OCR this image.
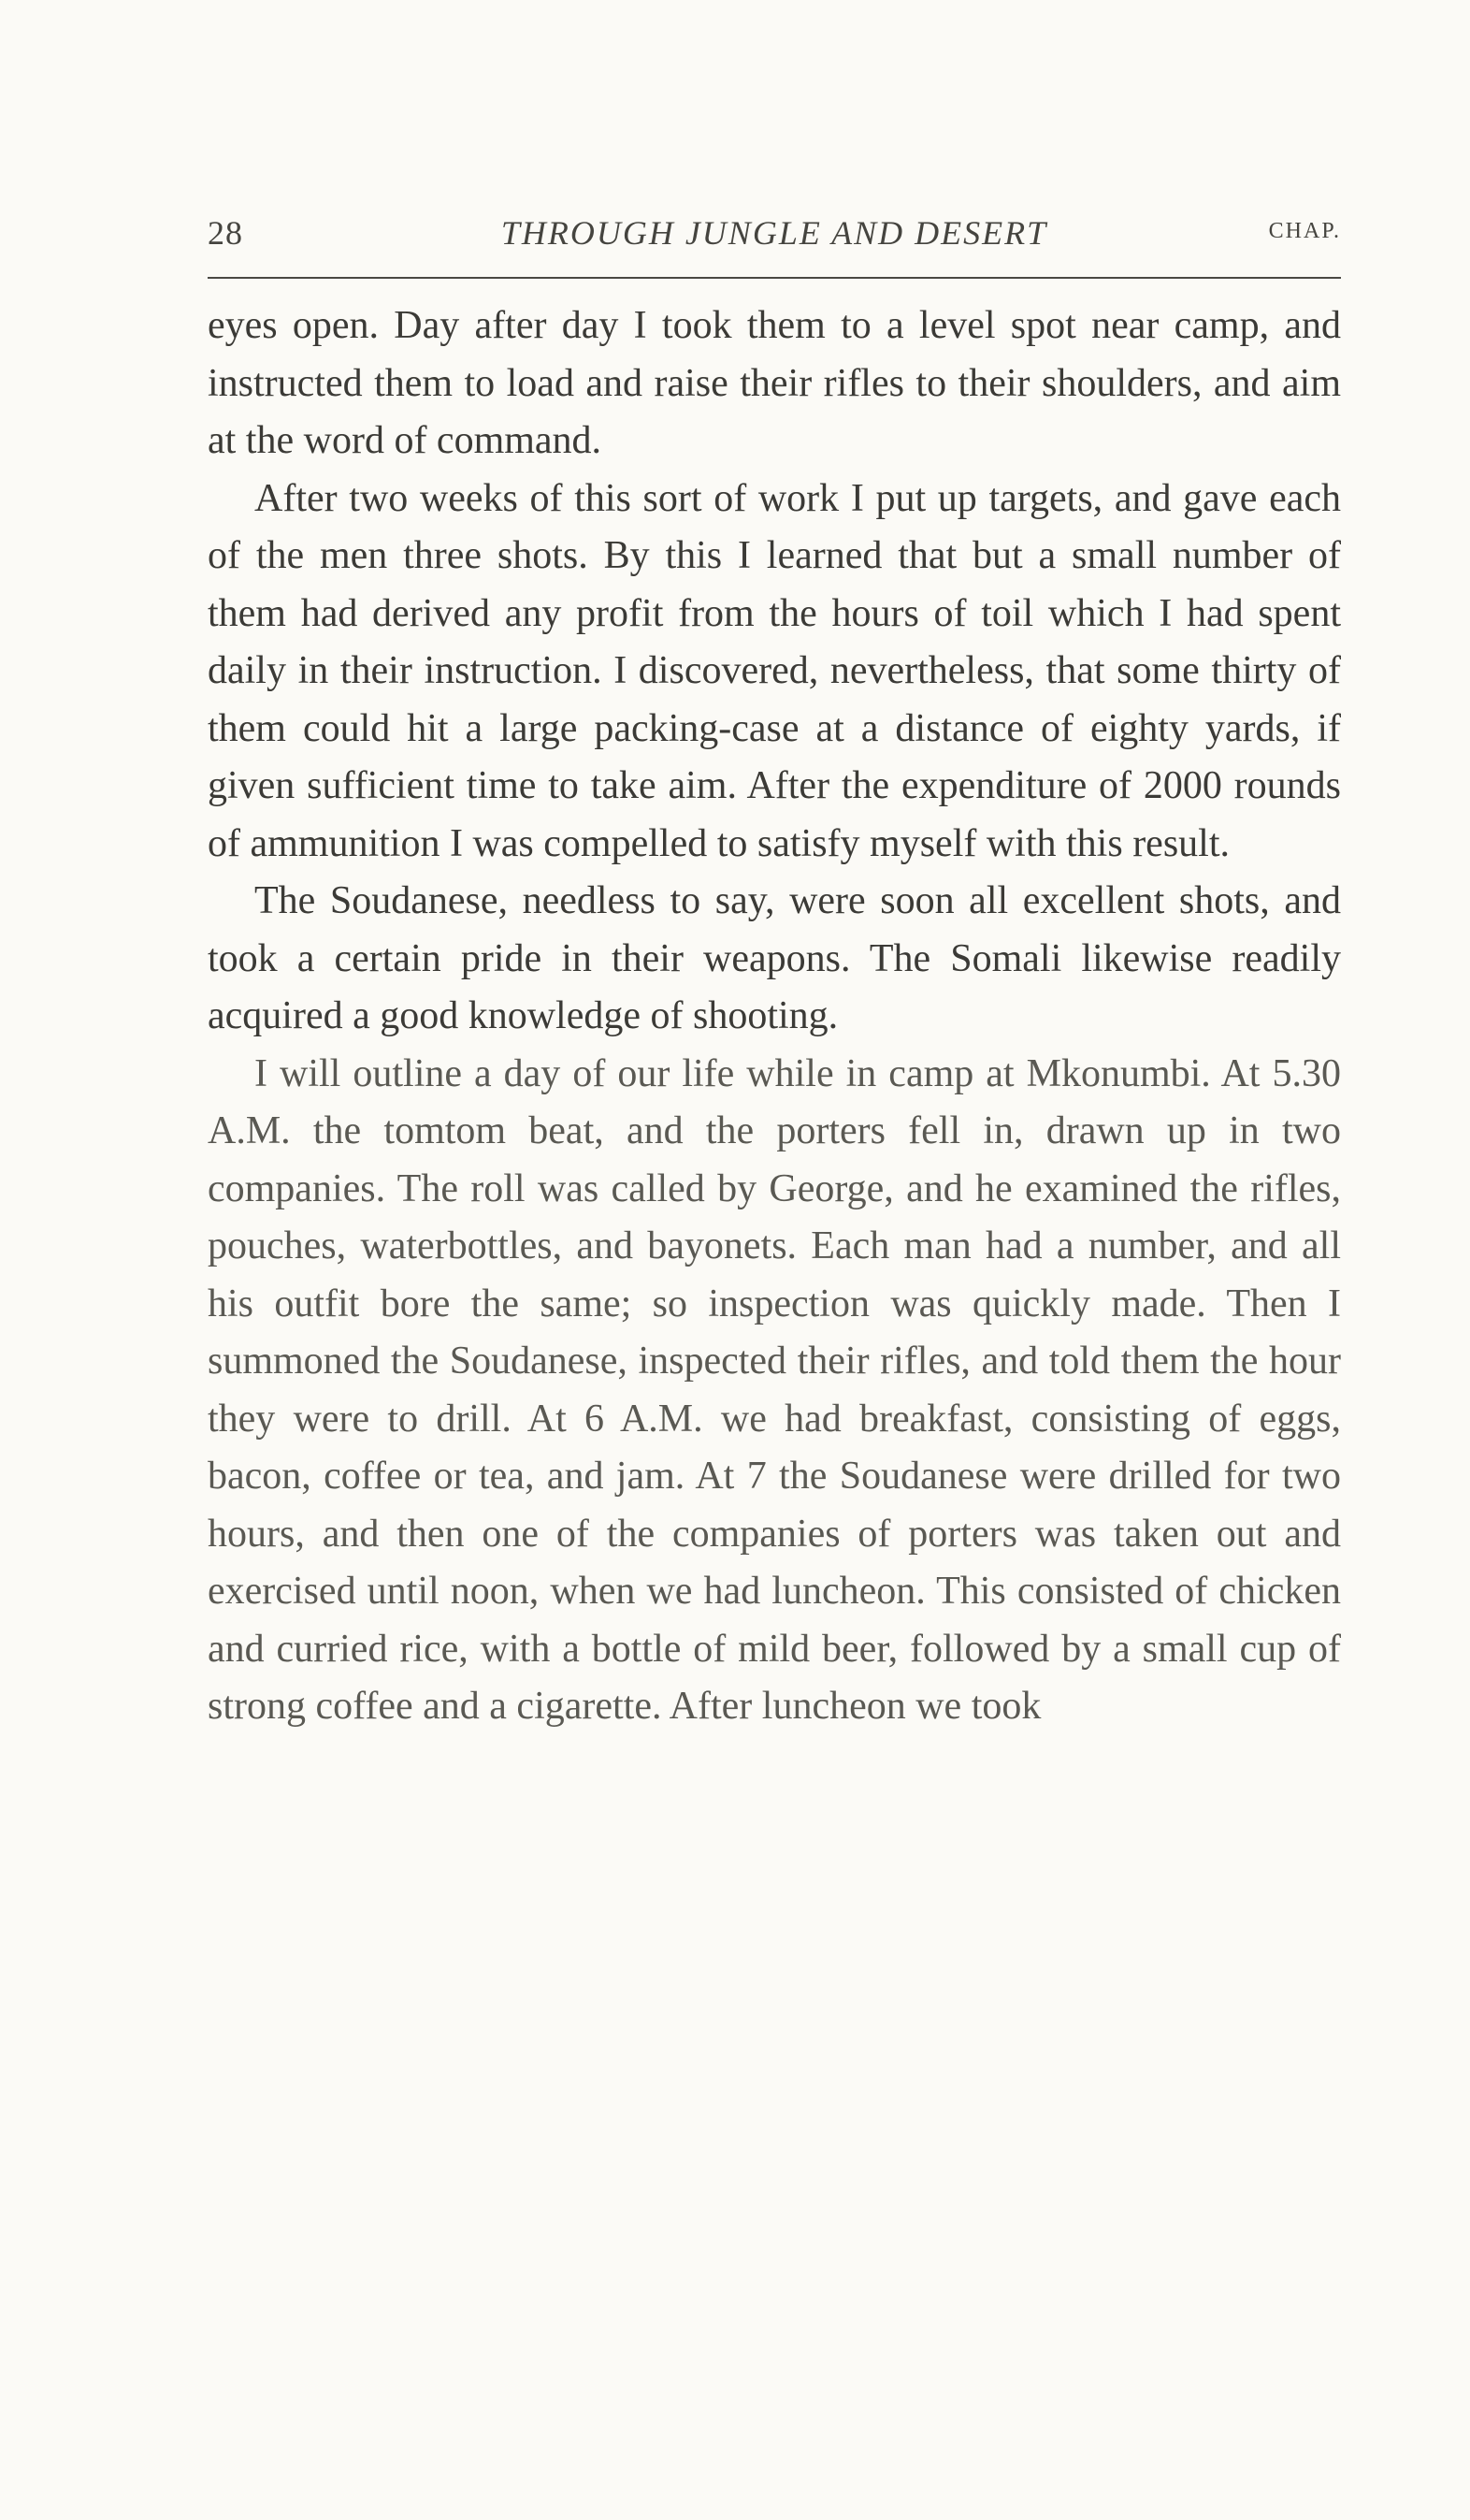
28	THROUGH JUNGLE AND DESERT	CHAP.

eyes open. Day after day I took them to a level spot near camp, and instructed them to load and raise their rifles to their shoulders, and aim at the word of command.

After two weeks of this sort of work I put up targets, and gave each of the men three shots. By this I learned that but a small number of them had derived any profit from the hours of toil which I had spent daily in their instruction. I discovered, nevertheless, that some thirty of them could hit a large packing-case at a distance of eighty yards, if given sufficient time to take aim. After the expenditure of 2000 rounds of ammunition I was compelled to satisfy myself with this result.

The Soudanese, needless to say, were soon all excellent shots, and took a certain pride in their weapons. The Somali likewise readily acquired a good knowledge of shooting.

I will outline a day of our life while in camp at Mkonumbi. At 5.30 A.M. the tomtom beat, and the porters fell in, drawn up in two companies. The roll was called by George, and he examined the rifles, pouches, waterbottles, and bayonets. Each man had a number, and all his outfit bore the same; so inspection was quickly made. Then I summoned the Soudanese, inspected their rifles, and told them the hour they were to drill. At 6 A.M. we had breakfast, consisting of eggs, bacon, coffee or tea, and jam. At 7 the Soudanese were drilled for two hours, and then one of the companies of porters was taken out and exercised until noon, when we had luncheon. This consisted of chicken and curried rice, with a bottle of mild beer, followed by a small cup of strong coffee and a cigarette. After luncheon we took
